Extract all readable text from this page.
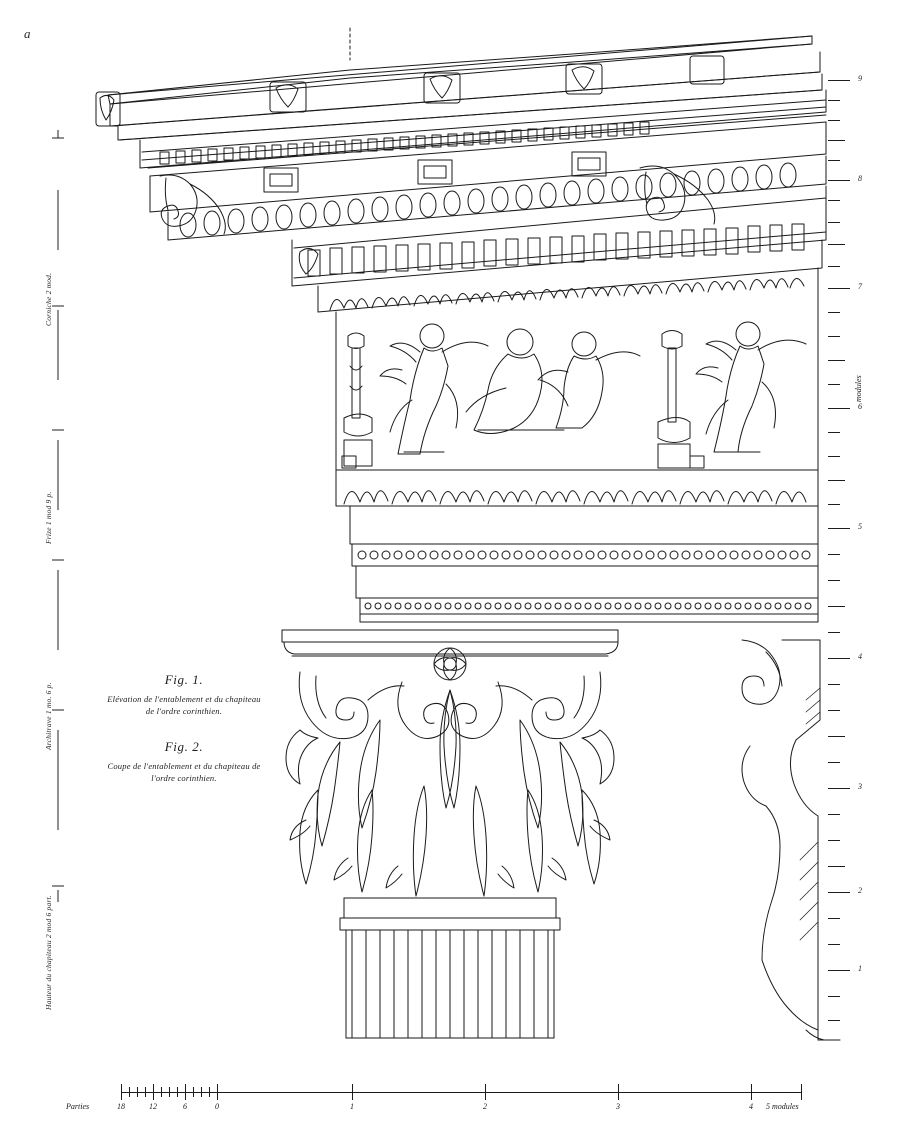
a
Corniche 2 mod.
Frize 1 mod 9 p.
Architrave 1 mo. 6 p.
Hauteur du chapiteau 2 mod 6 part.
modules
9
8
7
6
5
4
3
2
1

Fig. 1.

Elévation de l'entablement et du chapiteau de l'ordre corinthien.

Fig. 2.

Coupe de l'entablement et du chapiteau de l'ordre corinthien.

Parties	18	12	6	0	1	2	3	4 5 modules
